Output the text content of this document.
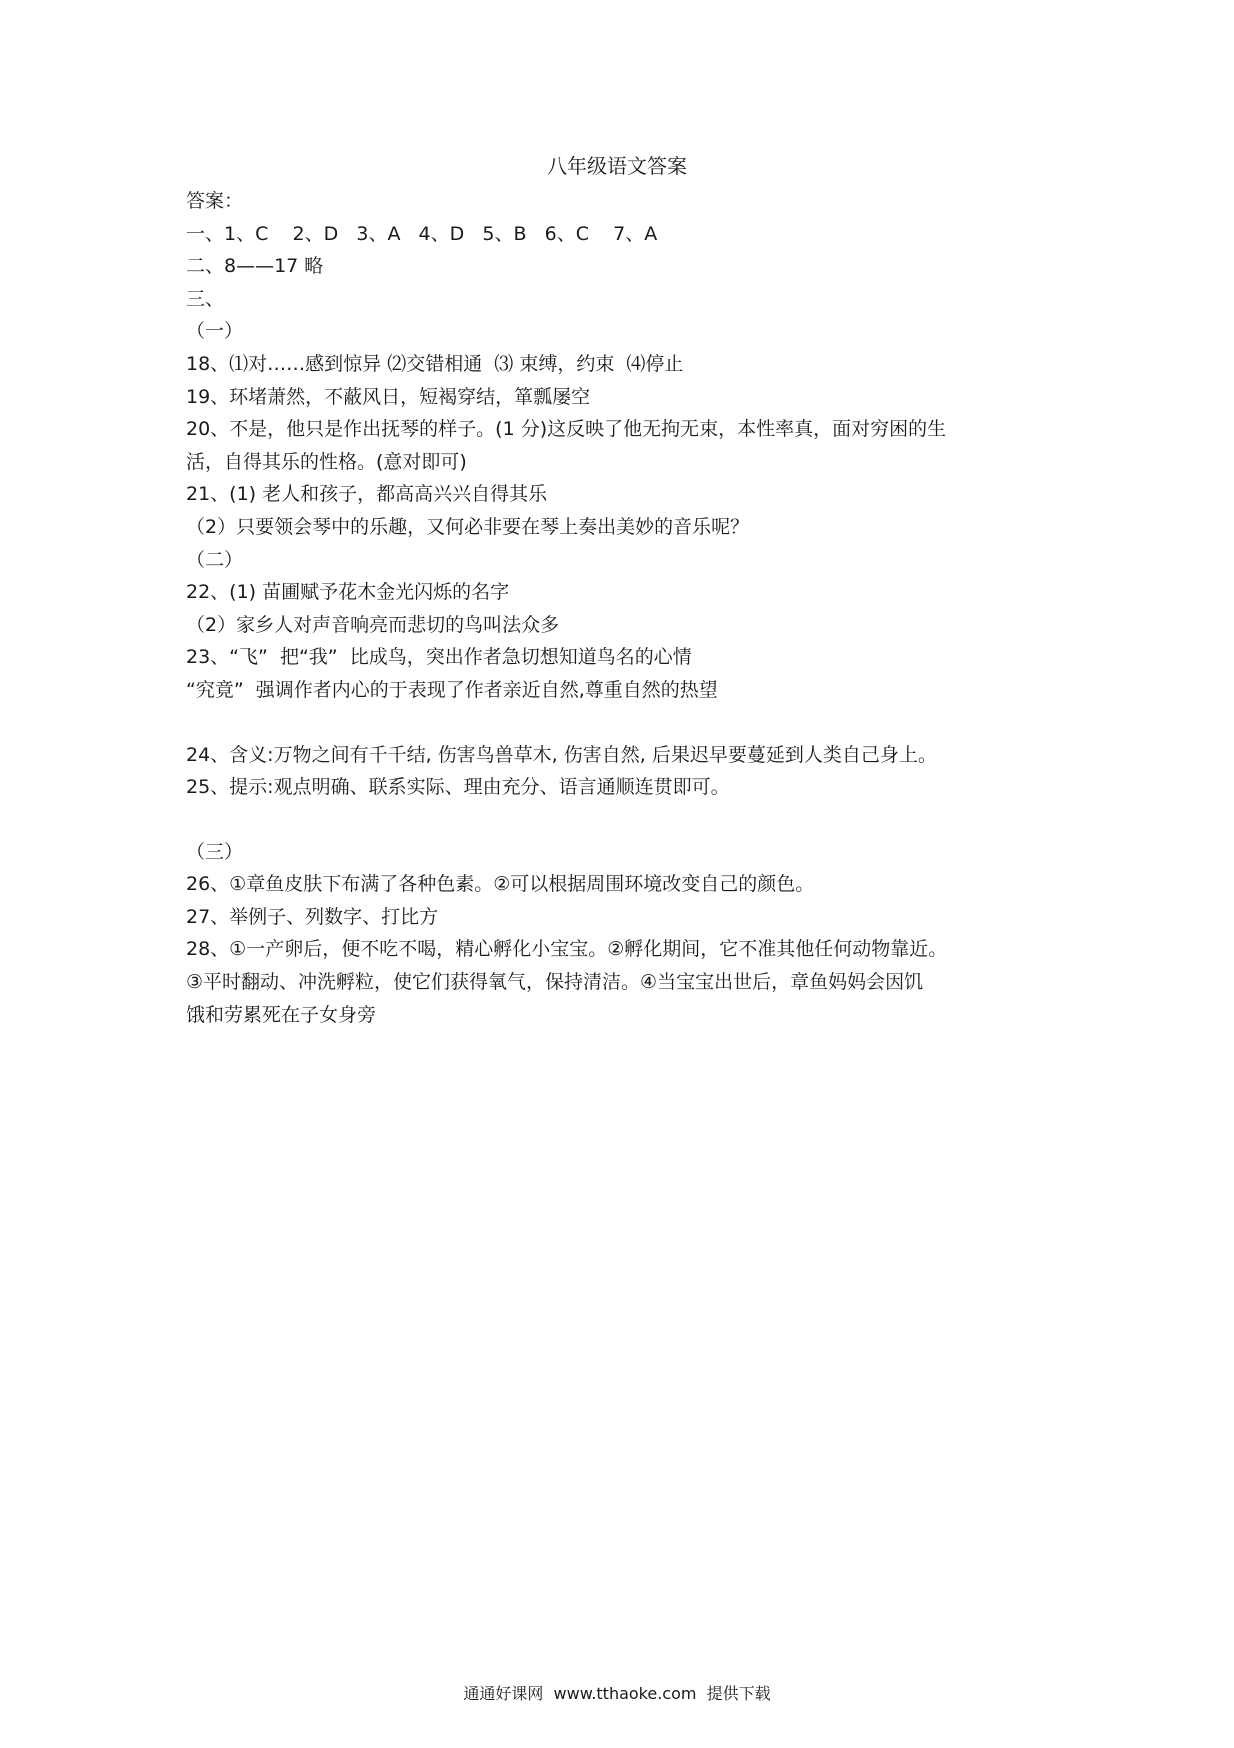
八年级语文答案
答案：
一、1、C    2、D   3、A   4、D   5、B   6、C    7、A
二、8——17 略
三、
（一）
18、⑴对……感到惊异 ⑵交错相通  ⑶ 束缚，约束  ⑷停止
19、环堵萧然，不蔽风日，短褐穿结，箪瓢屡空
20、不是，他只是作出抚琴的样子。(1 分)这反映了他无拘无束，本性率真，面对穷困的生
活，自得其乐的性格。(意对即可)
21、(1) 老人和孩子，都高高兴兴自得其乐
（2）只要领会琴中的乐趣，又何必非要在琴上奏出美妙的音乐呢？
（二）
22、(1) 苗圃赋予花木金光闪烁的名字
（2）家乡人对声音响亮而悲切的鸟叫法众多
23、“飞”  把“我”  比成鸟，突出作者急切想知道鸟名的心情
“究竟”  强调作者内心的于表现了作者亲近自然,尊重自然的热望
24、含义:万物之间有千千结, 伤害鸟兽草木, 伤害自然, 后果迟早要蔓延到人类自己身上。
25、提示:观点明确、联系实际、理由充分、语言通顺连贯即可。
（三）
26、①章鱼皮肤下布满了各种色素。②可以根据周围环境改变自己的颜色。
27、举例子、列数字、打比方
28、①一产卵后，便不吃不喝，精心孵化小宝宝。②孵化期间，它不准其他任何动物靠近。
③平时翻动、冲洗孵粒，使它们获得氧气，保持清洁。④当宝宝出世后，章鱼妈妈会因饥
饿和劳累死在子女身旁
通通好课网  www.tthaoke.com  提供下载
